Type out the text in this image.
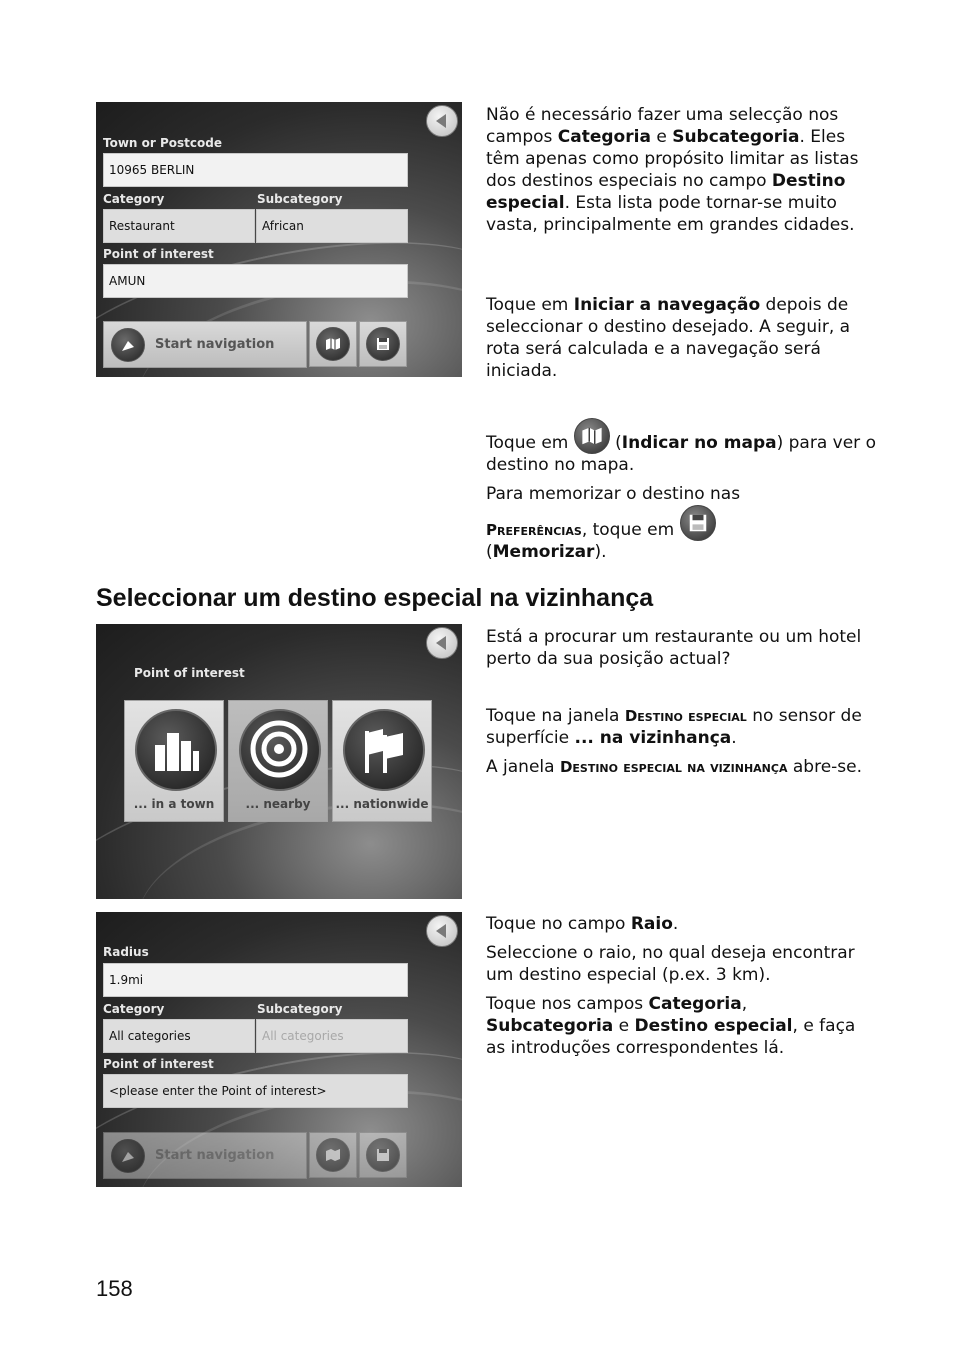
Town or Postcode
10965 BERLIN
Category	Subcategory
Restaurant	African
Point of interest
AMUN
Start navigation

Não é necessário fazer uma selecção nos campos Categoria e Subcategoria. Eles têm apenas como propósito limitar as listas dos destinos especiais no campo Destino especial. Esta lista pode tornar-se muito vasta, principalmente em grandes cidades.

Toque em Iniciar a navegação depois de seleccionar o destino desejado. A seguir, a rota será calculada e a navegação será iniciada.

Toque em
(Indicar no mapa) para ver o destino no mapa.

Para memorizar o destino nas
Preferências, toque em

(Memorizar).

Seleccionar um destino especial na vizinhança
Point of interest
... in a town	... nearby	... nationwide

Está a procurar um restaurante ou um hotel perto da sua posição actual?

Toque na janela Destino especial no sensor de superfície ... na vizinhança.

A janela Destino especial na vizinhança abre-se.

Radius
1.9mi
Category	Subcategory
All categories	All categories
Point of interest
<please enter the Point of interest>
Start navigation

Toque no campo Raio.

Seleccione o raio, no qual deseja encontrar um destino especial (p.ex. 3 km).

Toque nos campos Categoria, Subcategoria e Destino especial, e faça as introduções correspondentes lá.

158
